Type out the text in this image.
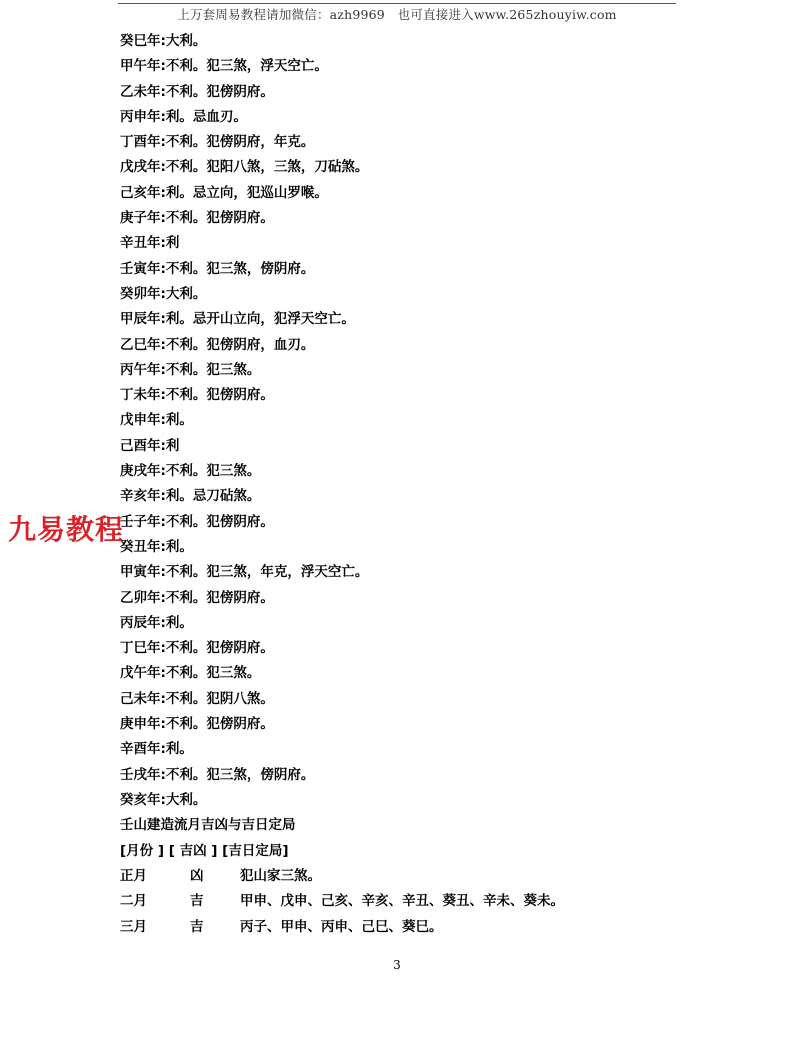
上万套周易教程请加微信：azh9969　也可直接进入www.265zhouyiw.com
癸巳年:大利。
甲午年:不利。犯三煞，浮天空亡。
乙未年:不利。犯傍阴府。
丙申年:利。忌血刃。
丁酉年:不利。犯傍阴府，年克。
戊戌年:不利。犯阳八煞，三煞，刀砧煞。
己亥年:利。忌立向，犯巡山罗喉。
庚子年:不利。犯傍阴府。
辛丑年:利
壬寅年:不利。犯三煞，傍阴府。
癸卯年:大利。
甲辰年:利。忌开山立向，犯浮天空亡。
乙巳年:不利。犯傍阴府，血刃。
丙午年:不利。犯三煞。
丁未年:不利。犯傍阴府。
戊申年:利。
己酉年:利
庚戌年:不利。犯三煞。
辛亥年:利。忌刀砧煞。
壬子年:不利。犯傍阴府。
癸丑年:利。
甲寅年:不利。犯三煞，年克，浮天空亡。
乙卯年:不利。犯傍阴府。
丙辰年:利。
丁巳年:不利。犯傍阴府。
戊午年:不利。犯三煞。
己未年:不利。犯阴八煞。
庚申年:不利。犯傍阴府。
辛酉年:利。
壬戌年:不利。犯三煞，傍阴府。
癸亥年:大利。
壬山建造流月吉凶与吉日定局
[月份 ] [ 吉凶 ] [吉日定局]
正月	凶	犯山家三煞。
二月	吉	甲申、戊申、己亥、辛亥、辛丑、葵丑、辛未、葵未。
三月	吉	丙子、甲申、丙申、己巳、葵巳。
3
九易教程
